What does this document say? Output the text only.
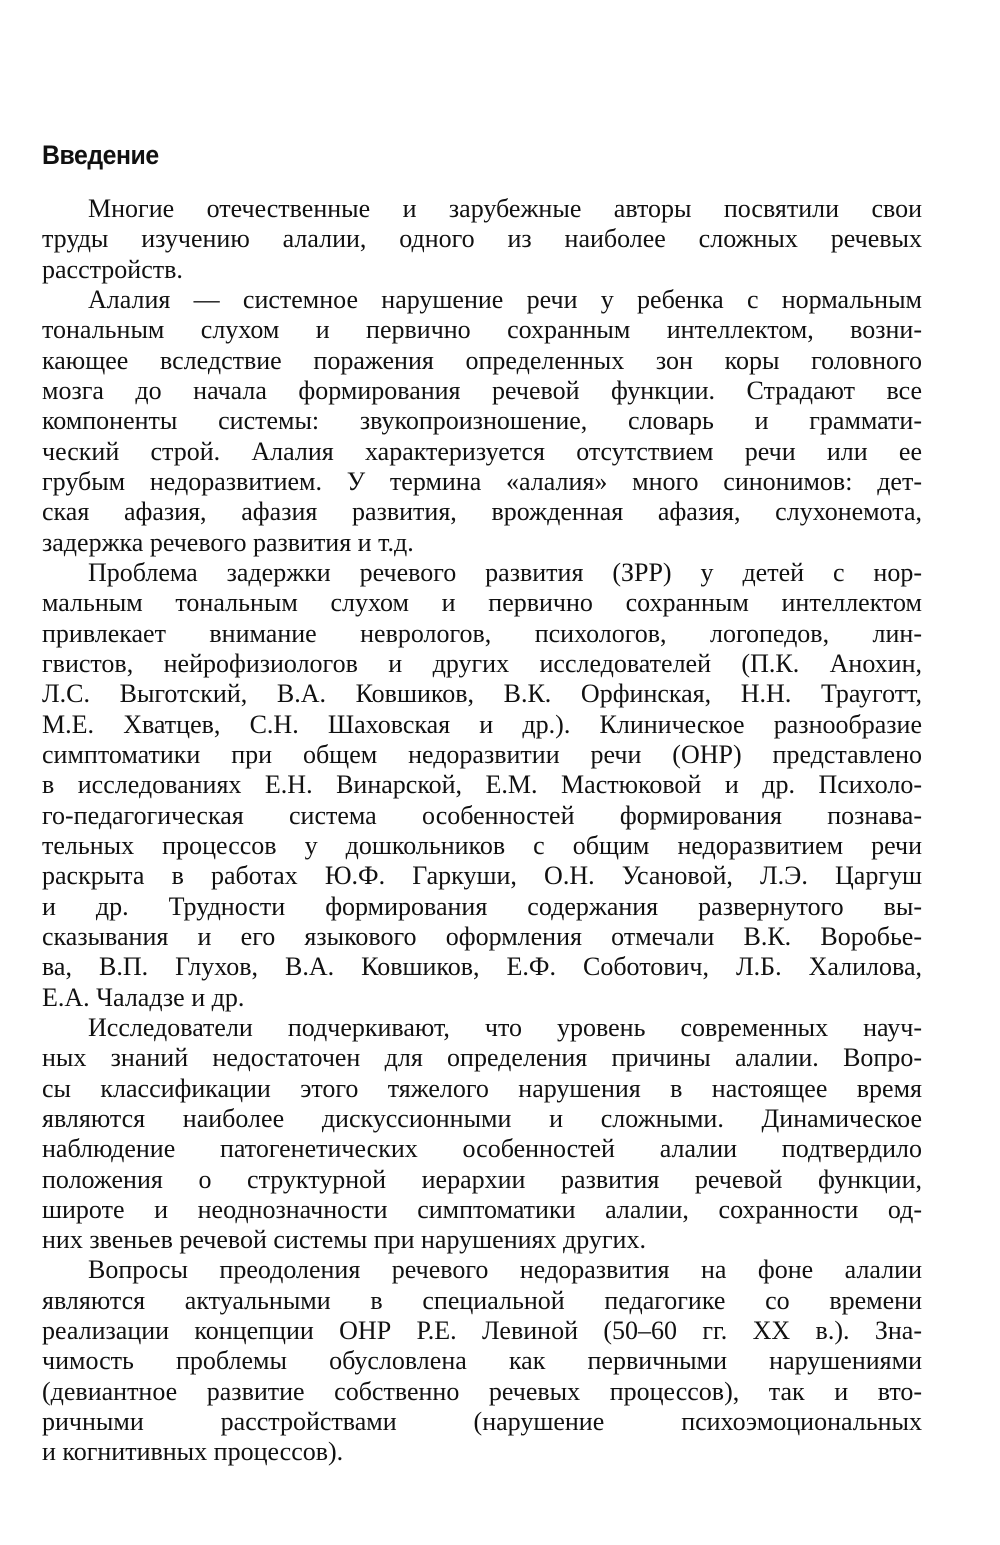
Введение
Многие отечественные и зарубежные авторы посвятили свои
труды изучению алалии, одного из наиболее сложных речевых
расстройств.
Алалия — системное нарушение речи у ребенка с нормальным
тональным слухом и первично сохранным интеллектом, возни-
кающее вследствие поражения определенных зон коры головного
мозга до начала формирования речевой функции. Страдают все
компоненты системы: звукопроизношение, словарь и граммати-
ческий строй. Алалия характеризуется отсутствием речи или ее
грубым недоразвитием. У термина «алалия» много синонимов: дет-
ская афазия, афазия развития, врожденная афазия, слухонемота,
задержка речевого развития и т.д.
Проблема задержки речевого развития (ЗРР) у детей с нор-
мальным тональным слухом и первично сохранным интеллектом
привлекает внимание неврологов, психологов, логопедов, лин-
гвистов, нейрофизиологов и других исследователей (П.К. Анохин,
Л.С. Выготский, В.А. Ковшиков, В.К. Орфинская, Н.Н. Трауготт,
М.Е. Хватцев, С.Н. Шаховская и др.). Клиническое разнообразие
симптоматики при общем недоразвитии речи (ОНР) представлено
в исследованиях Е.Н. Винарской, Е.М. Мастюковой и др. Психоло-
го-педагогическая система особенностей формирования познава-
тельных процессов у дошкольников с общим недоразвитием речи
раскрыта в работах Ю.Ф. Гаркуши, О.Н. Усановой, Л.Э. Царгуш
и др. Трудности формирования содержания развернутого вы-
сказывания и его языкового оформления отмечали В.К. Воробье-
ва, В.П. Глухов, В.А. Ковшиков, Е.Ф. Соботович, Л.Б. Халилова,
Е.А. Чаладзе и др.
Исследователи подчеркивают, что уровень современных науч-
ных знаний недостаточен для определения причины алалии. Вопро-
сы классификации этого тяжелого нарушения в настоящее время
являются наиболее дискуссионными и сложными. Динамическое
наблюдение патогенетических особенностей алалии подтвердило
положения о структурной иерархии развития речевой функции,
широте и неоднозначности симптоматики алалии, сохранности од-
них звеньев речевой системы при нарушениях других.
Вопросы преодоления речевого недоразвития на фоне алалии
являются актуальными в специальной педагогике со времени
реализации концепции ОНР Р.Е. Левиной (50–60 гг. XX в.). Зна-
чимость проблемы обусловлена как первичными нарушениями
(девиантное развитие собственно речевых процессов), так и вто-
ричными расстройствами (нарушение психоэмоциональных
и когнитивных процессов).
